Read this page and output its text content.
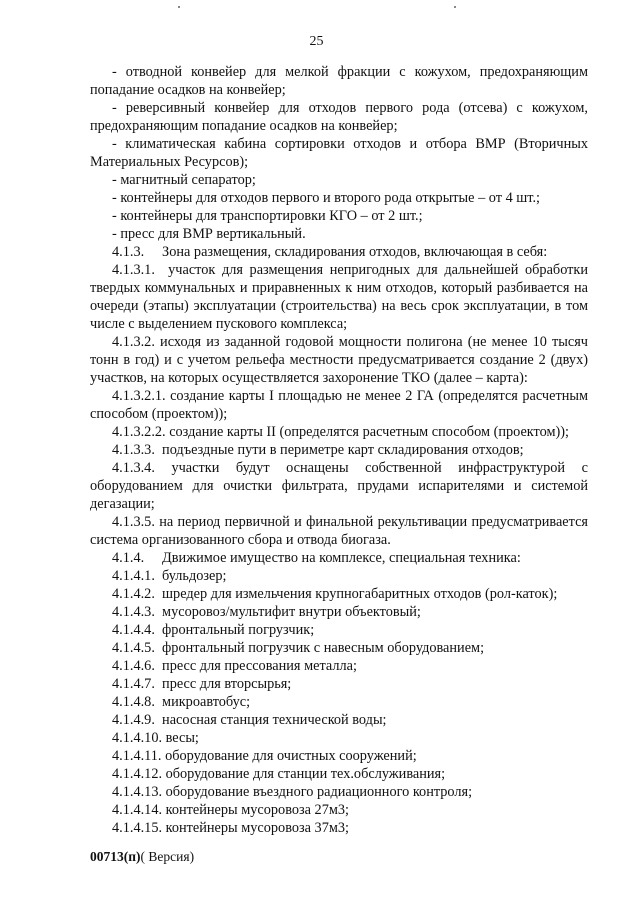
25

- отводной конвейер для мелкой фракции с кожухом, предохраняющим попадание осадков на конвейер;

- реверсивный конвейер для отходов первого рода (отсева) с кожухом, предохраняющим попадание осадков на конвейер;

- климатическая кабина сортировки отходов и отбора ВМР (Вторичных Материальных Ресурсов);

- магнитный сепаратор;

- контейнеры для отходов первого и второго рода открытые – от 4 шт.;

- контейнеры для транспортировки КГО – от 2 шт.;

- пресс для ВМР вертикальный.

4.1.3.     Зона размещения, складирования отходов, включающая в себя:

4.1.3.1.  участок для размещения непригодных для дальнейшей обработки твердых коммунальных и приравненных к ним отходов, который разбивается на очереди (этапы) эксплуатации (строительства) на весь срок эксплуатации, в том числе с выделением пускового комплекса;

4.1.3.2. исходя из заданной годовой мощности полигона (не менее 10 тысяч тонн в год) и с учетом рельефа местности предусматривается создание 2 (двух) участков, на которых осуществляется захоронение ТКО (далее – карта):

4.1.3.2.1. создание карты I площадью не менее 2 ГА (определятся расчетным способом (проектом));

4.1.3.2.2. создание карты II (определятся расчетным способом (проектом));

4.1.3.3.  подъездные пути в периметре карт складирования отходов;

4.1.3.4. участки будут оснащены собственной инфраструктурой с оборудованием для очистки фильтрата, прудами испарителями и системой дегазации;

4.1.3.5. на период первичной и финальной рекультивации предусматривается система организованного сбора и отвода биогаза.

4.1.4.     Движимое имущество на комплексе, специальная техника:

4.1.4.1.  бульдозер;

4.1.4.2.  шредер для измельчения крупногабаритных отходов (рол-каток);

4.1.4.3.  мусоровоз/мультифит внутри объектовый;

4.1.4.4.  фронтальный погрузчик;

4.1.4.5.  фронтальный погрузчик с навесным оборудованием;

4.1.4.6.  пресс для прессования металла;

4.1.4.7.  пресс для вторсырья;

4.1.4.8.  микроавтобус;

4.1.4.9.  насосная станция технической воды;

4.1.4.10. весы;

4.1.4.11. оборудование для очистных сооружений;

4.1.4.12. оборудование для станции тех.обслуживания;

4.1.4.13. оборудование въездного радиационного контроля;

4.1.4.14. контейнеры мусоровоза 27м3;

4.1.4.15. контейнеры мусоровоза 37м3;

00713(п)( Версия)
